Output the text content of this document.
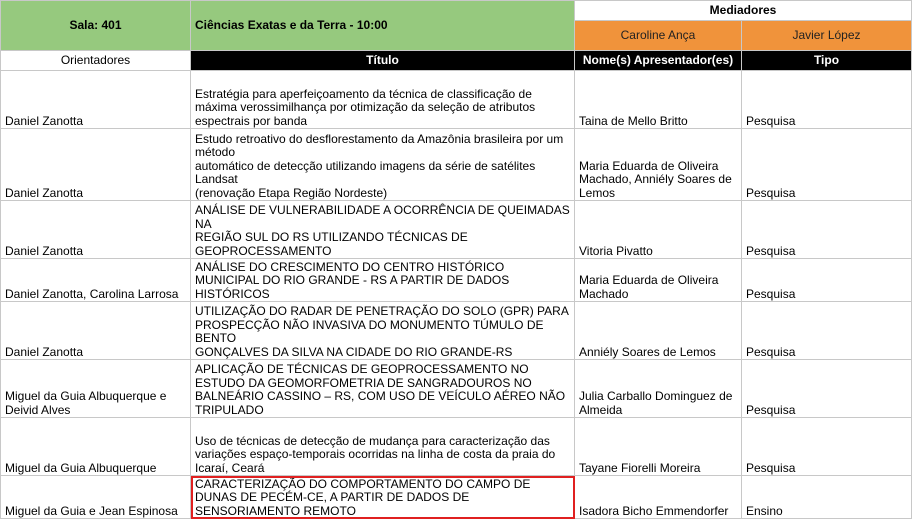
Sala: 401	Ciências Exatas e da Terra - 10:00	Mediadores	
		Caroline Ança	Javier López
Orientadores	Título	Nome(s) Apresentador(es)	Tipo
Daniel Zanotta	Estratégia para aperfeiçoamento da técnica de classificação de máxima verossimilhança por otimização da seleção de atributos espectrais por banda	Taina de Mello Britto	Pesquisa
Daniel Zanotta	Estudo retroativo do desflorestamento da Amazônia brasileira por um método
automático de detecção utilizando imagens da série de satélites Landsat
(renovação Etapa Região Nordeste)	Maria Eduarda de Oliveira Machado, Anniély Soares de Lemos	Pesquisa
Daniel Zanotta	ANÁLISE DE VULNERABILIDADE A OCORRÊNCIA DE QUEIMADAS NA
REGIÃO SUL DO RS UTILIZANDO TÉCNICAS DE GEOPROCESSAMENTO	Vitoria Pivatto	Pesquisa
Daniel Zanotta, Carolina Larrosa	ANÁLISE DO CRESCIMENTO DO CENTRO HISTÓRICO MUNICIPAL DO RIO GRANDE - RS A PARTIR DE DADOS HISTÓRICOS	Maria Eduarda de Oliveira Machado	Pesquisa
Daniel Zanotta	UTILIZAÇÃO DO RADAR DE PENETRAÇÃO DO SOLO (GPR) PARA PROSPECÇÃO NÃO INVASIVA DO MONUMENTO TÚMULO DE BENTO
GONÇALVES DA SILVA NA CIDADE DO RIO GRANDE-RS	Anniély Soares de Lemos	Pesquisa
Miguel da Guia Albuquerque e Deivid Alves	APLICAÇÃO DE TÉCNICAS DE GEOPROCESSAMENTO NO ESTUDO DA GEOMORFOMETRIA DE SANGRADOUROS NO BALNEÁRIO CASSINO – RS, COM USO DE VEÍCULO AÉREO NÃO TRIPULADO	Julia Carballo Dominguez de Almeida	Pesquisa
Miguel da Guia Albuquerque	Uso de técnicas de detecção de mudança para caracterização das variações espaço-temporais ocorridas na linha de costa da praia do Icaraí, Ceará	Tayane Fiorelli Moreira	Pesquisa
Miguel da Guia e Jean Espinosa	CARACTERIZAÇÃO DO COMPORTAMENTO DO CAMPO DE DUNAS DE PECÉM-CE, A PARTIR DE DADOS DE SENSORIAMENTO REMOTO	Isadora Bicho Emmendorfer	Ensino
